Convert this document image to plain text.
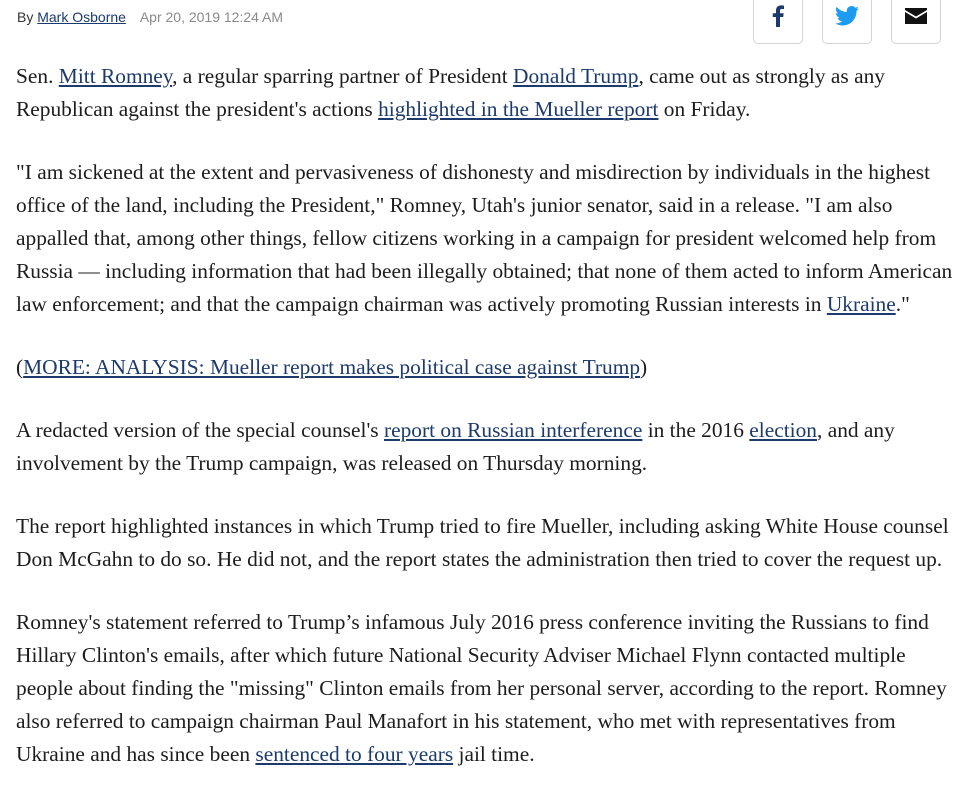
By Mark Osborne Apr 20, 2019 12:24 AM

Sen. Mitt Romney, a regular sparring partner of President Donald Trump, came out as strongly as any Republican against the president's actions highlighted in the Mueller report on Friday.

"I am sickened at the extent and pervasiveness of dishonesty and misdirection by individuals in the highest office of the land, including the President," Romney, Utah's junior senator, said in a release. "I am also appalled that, among other things, fellow citizens working in a campaign for president welcomed help from Russia — including information that had been illegally obtained; that none of them acted to inform American law enforcement; and that the campaign chairman was actively promoting Russian interests in Ukraine."

(MORE: ANALYSIS: Mueller report makes political case against Trump)

A redacted version of the special counsel's report on Russian interference in the 2016 election, and any involvement by the Trump campaign, was released on Thursday morning.

The report highlighted instances in which Trump tried to fire Mueller, including asking White House counsel Don McGahn to do so. He did not, and the report states the administration then tried to cover the request up.

Romney's statement referred to Trump’s infamous July 2016 press conference inviting the Russians to find Hillary Clinton's emails, after which future National Security Adviser Michael Flynn contacted multiple people about finding the "missing" Clinton emails from her personal server, according to the report. Romney also referred to campaign chairman Paul Manafort in his statement, who met with representatives from Ukraine and has since been sentenced to four years jail time.
